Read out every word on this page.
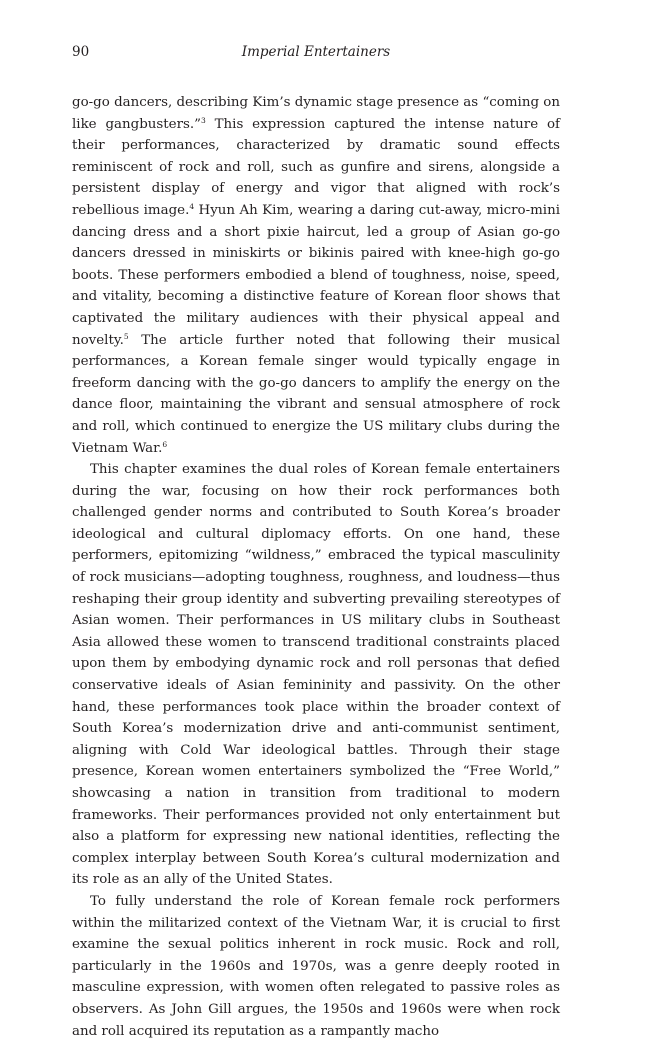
90	Imperial Entertainers

go-go dancers, describing Kim’s dynamic stage presence as “coming on like gangbusters.”$^3$ This expression captured the intense nature of their performances, characterized by dramatic sound effects reminiscent of rock and roll, such as gunfire and sirens, alongside a persistent display of energy and vigor that aligned with rock’s rebellious image.$^4$ Hyun Ah Kim, wearing a daring cut-away, micro-mini dancing dress and a short pixie haircut, led a group of Asian go-go dancers dressed in miniskirts or bikinis paired with knee-high go-go boots. These performers embodied a blend of toughness, noise, speed, and vitality, becoming a distinctive feature of Korean floor shows that captivated the military audiences with their physical appeal and novelty.$^5$ The article further noted that following their musical performances, a Korean female singer would typically engage in freeform dancing with the go-go dancers to amplify the energy on the dance floor, maintaining the vibrant and sensual atmosphere of rock and roll, which continued to energize the US military clubs during the Vietnam War.$^6$

This chapter examines the dual roles of Korean female entertainers during the war, focusing on how their rock performances both challenged gender norms and contributed to South Korea’s broader ideological and cultural diplomacy efforts. On one hand, these performers, epitomizing “wildness,” embraced the typical masculinity of rock musicians—adopting toughness, roughness, and loudness—thus reshaping their group identity and subverting prevailing stereotypes of Asian women. Their performances in US military clubs in Southeast Asia allowed these women to transcend traditional constraints placed upon them by embodying dynamic rock and roll personas that defied conservative ideals of Asian femininity and passivity. On the other hand, these performances took place within the broader context of South Korea’s modernization drive and anti-communist sentiment, aligning with Cold War ideological battles. Through their stage presence, Korean women entertainers symbolized the “Free World,” showcasing a nation in transition from traditional to modern frameworks. Their performances provided not only entertainment but also a platform for expressing new national identities, reflecting the complex interplay between South Korea’s cultural modernization and its role as an ally of the United States.

To fully understand the role of Korean female rock performers within the militarized context of the Vietnam War, it is crucial to first examine the sexual politics inherent in rock music. Rock and roll, particularly in the 1960s and 1970s, was a genre deeply rooted in masculine expression, with women often relegated to passive roles as observers. As John Gill argues, the 1950s and 1960s were when rock and roll acquired its reputation as a rampantly macho
